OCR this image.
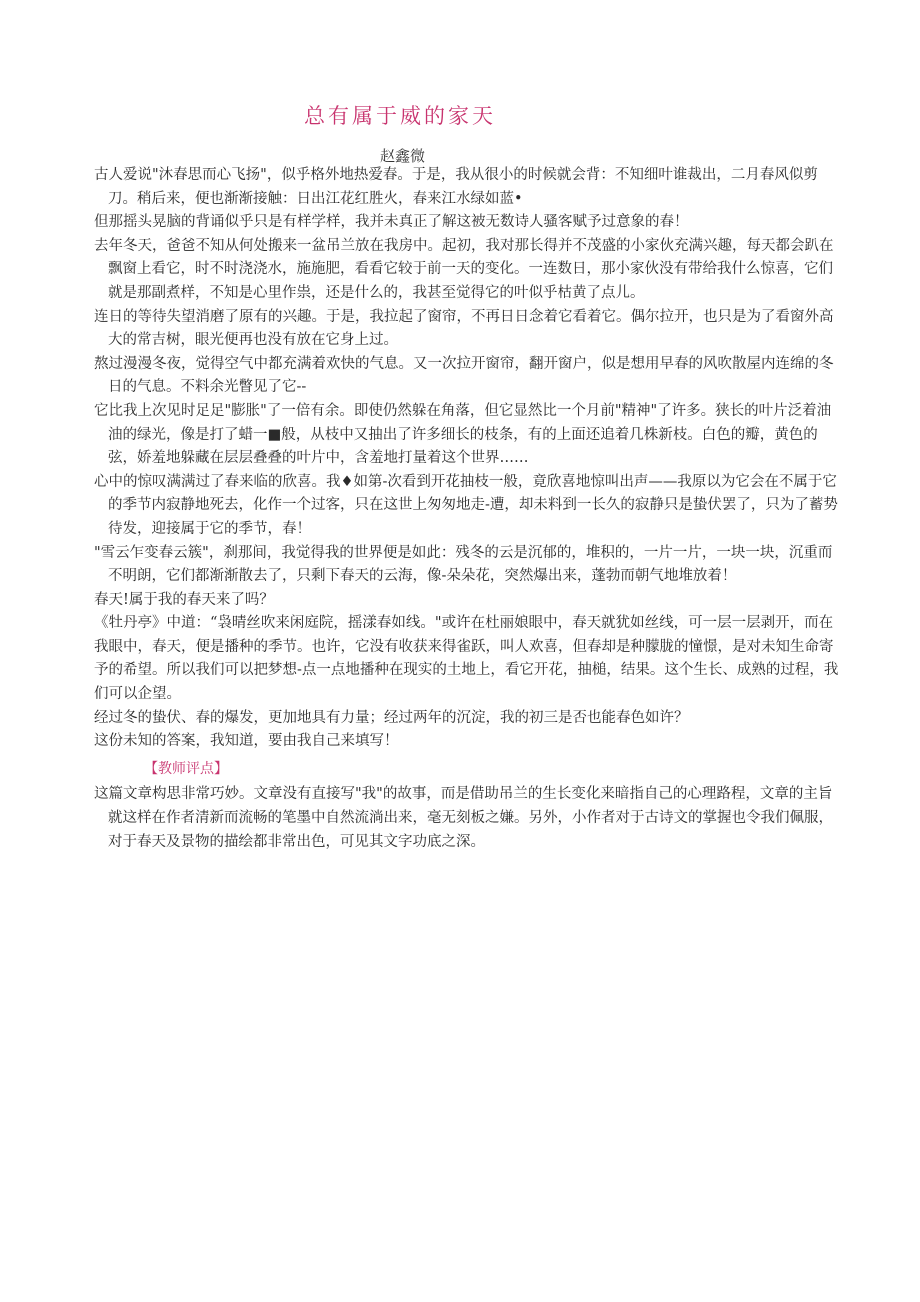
总有属于威的家天
赵鑫微

古人爱说"沐春思而心飞扬"，似乎格外地热爱春。于是，我从很小的时候就会背：不知细叶谁裁出，二月春风似剪刀。稍后来，便也渐渐接触：日出江花红胜火，春来江水绿如蓝•

但那摇头晃脑的背诵似乎只是有样学样，我并未真正了解这被无数诗人骚客赋予过意象的春！

去年冬天，爸爸不知从何处搬来一盆吊兰放在我房中。起初，我对那长得并不茂盛的小家伙充满兴趣，每天都会趴在飘窗上看它，时不时浇浇水，施施肥，看看它较于前一天的变化。一连数日，那小家伙没有带给我什么惊喜，它们就是那副煮样，不知是心里作祟，还是什么的，我甚至觉得它的叶似乎枯黄了点儿。

连日的等待失望消磨了原有的兴趣。于是，我拉起了窗帘，不再日日念着它看着它。偶尔拉开，也只是为了看窗外高大的常吉树，眼光便再也没有放在它身上过。

熬过漫漫冬夜，觉得空气中都充满着欢快的气息。又一次拉开窗帘，翻开窗户，似是想用早春的风吹散屋内连绵的冬日的气息。不料余光瞥见了它--

它比我上次见时足足"膨胀"了一倍有余。即使仍然躲在角落，但它显然比一个月前"精神"了许多。狭长的叶片泛着油油的绿光，像是打了蜡一■般，从枝中又抽出了许多细长的枝条，有的上面还追着几株新枝。白色的瓣，黄色的弦，娇羞地躲藏在层层叠叠的叶片中，含羞地打量着这个世界……

心中的惊叹满满过了春来临的欣喜。我♦如第-次看到开花抽枝一般，竟欣喜地惊叫出声——我原以为它会在不属于它的季节内寂静地死去，化作一个过客，只在这世上匆匆地走-遭，却未料到一长久的寂静只是蛰伏罢了，只为了蓄势待发，迎接属于它的季节，春！

"雪云乍变春云簇"，刹那间，我觉得我的世界便是如此：残冬的云是沉郁的，堆积的，一片一片，一块一块，沉重而不明朗，它们都渐渐散去了，只剩下春天的云海，像-朵朵花，突然爆出来，蓬勃而朝气地堆放着！

春天!属于我的春天来了吗？

《牡丹亭》中道：“袅晴丝吹来闲庭院，摇漾春如线。"或许在杜丽娘眼中，春天就犹如丝线，可一层一层剥开，而在我眼中，春天，便是播种的季节。也许，它没有收获来得雀跃，叫人欢喜，但春却是种朦胧的憧憬，是对未知生命寄予的希望。所以我们可以把梦想-点一点地播种在现实的土地上，看它开花，抽槌，结果。这个生长、成熟的过程，我们可以企望。

经过冬的蛰伏、春的爆发，更加地具有力量；经过两年的沉淀，我的初三是否也能春色如许？

这份未知的答案，我知道，要由我自己来填写！

【教师评点】

这篇文章构思非常巧妙。文章没有直接写"我"的故事，而是借助吊兰的生长变化来暗指自己的心理路程，文章的主旨就这样在作者清新而流畅的笔墨中自然流淌出来，毫无刻板之嫌。另外，小作者对于古诗文的掌握也令我们佩服，对于春天及景物的描绘都非常出色，可见其文字功底之深。
